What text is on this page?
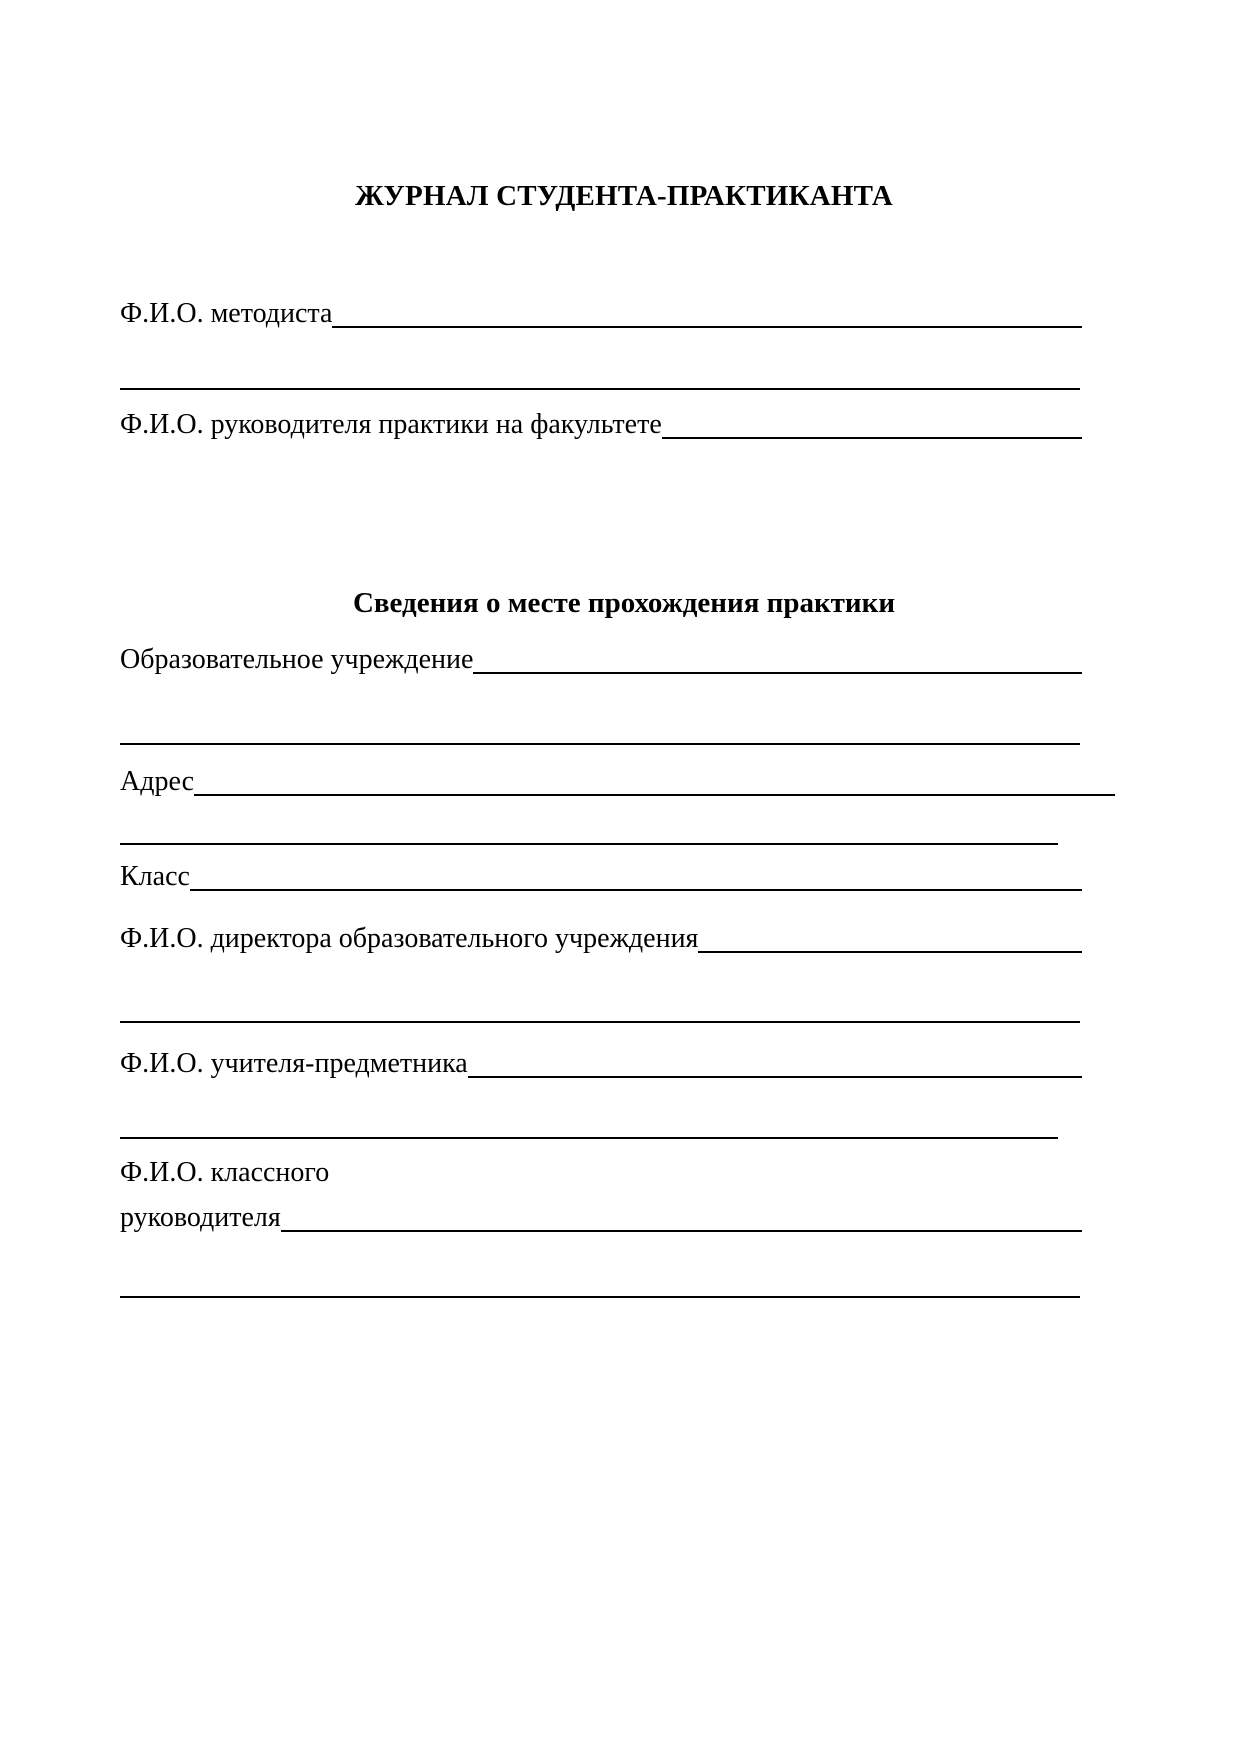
ЖУРНАЛ СТУДЕНТА-ПРАКТИКАНТА
Ф.И.О. методиста
Ф.И.О. руководителя практики на факультете
Сведения о месте прохождения практики
Образовательное учреждение
Адрес
Класс
Ф.И.О. директора образовательного учреждения
Ф.И.О. учителя-предметника
Ф.И.О. классного
руководителя
